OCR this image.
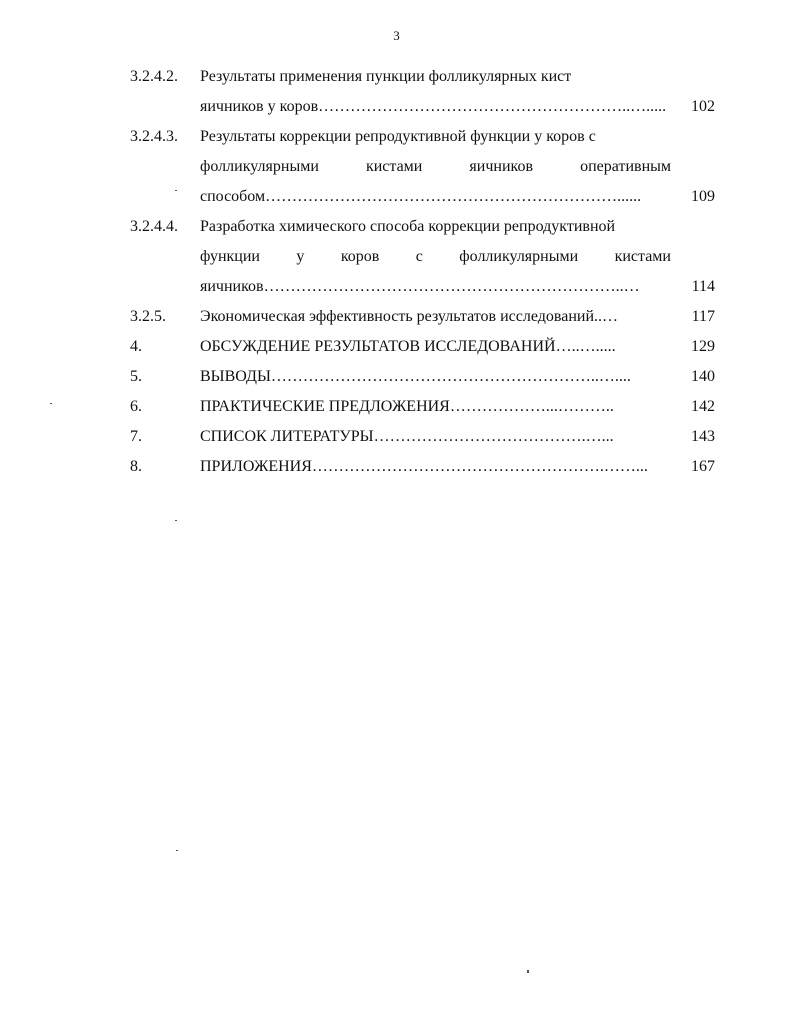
3
3.2.4.2.	Результаты применения пункции фолликулярных кист
яичников у коров…………………………………………………..….....	102
3.2.4.3.	Результаты коррекции репродуктивной функции у коров с
фолликулярными кистами яичников оперативным
способом…………………………………………………………......	109
3.2.4.4.	Разработка химического способа коррекции репродуктивной
функции у коров с фолликулярными кистами
яичников…………………………………………………………..…	114
3.2.5.	Экономическая эффективность результатов исследований..…	117
4.	ОБСУЖДЕНИЕ РЕЗУЛЬТАТОВ ИССЛЕДОВАНИЙ…..….....	129
5.	ВЫВОДЫ……………………………………………………..…....	140
6.	ПРАКТИЧЕСКИЕ ПРЕДЛОЖЕНИЯ………………...………..	142
7.	СПИСОК ЛИТЕРАТУРЫ………………………………….…...	143
8.	ПРИЛОЖЕНИЯ……………………………………………….……...	167
